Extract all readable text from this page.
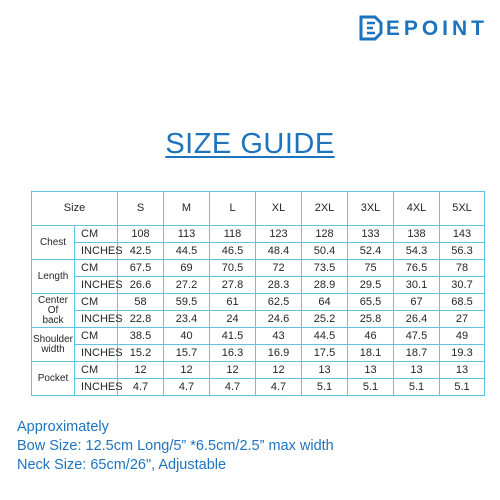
EPOINT
SIZE GUIDE
Size		S	M	L	XL	2XL	3XL	4XL	5XL

Chest	CM	108	113	118	123	128	133	138	143
	INCHES	42.5	44.5	46.5	48.4	50.4	52.4	54.3	56.3

Length	CM	67.5	69	70.5	72	73.5	75	76.5	78
	INCHES	26.6	27.2	27.8	28.3	28.9	29.5	30.1	30.7

Center
Of
back	CM	58	59.5	61	62.5	64	65.5	67	68.5
	INCHES	22.8	23.4	24	24.6	25.2	25.8	26.4	27

Shoulder
width	CM	38.5	40	41.5	43	44.5	46	47.5	49
	INCHES	15.2	15.7	16.3	16.9	17.5	18.1	18.7	19.3

Pocket	CM	12	12	12	12	13	13	13	13
	INCHES	4.7	4.7	4.7	4.7	5.1	5.1	5.1	5.1
Approximately
Bow Size: 12.5cm Long/5” *6.5cm/2.5” max width
Neck Size: 65cm/26", Adjustable
